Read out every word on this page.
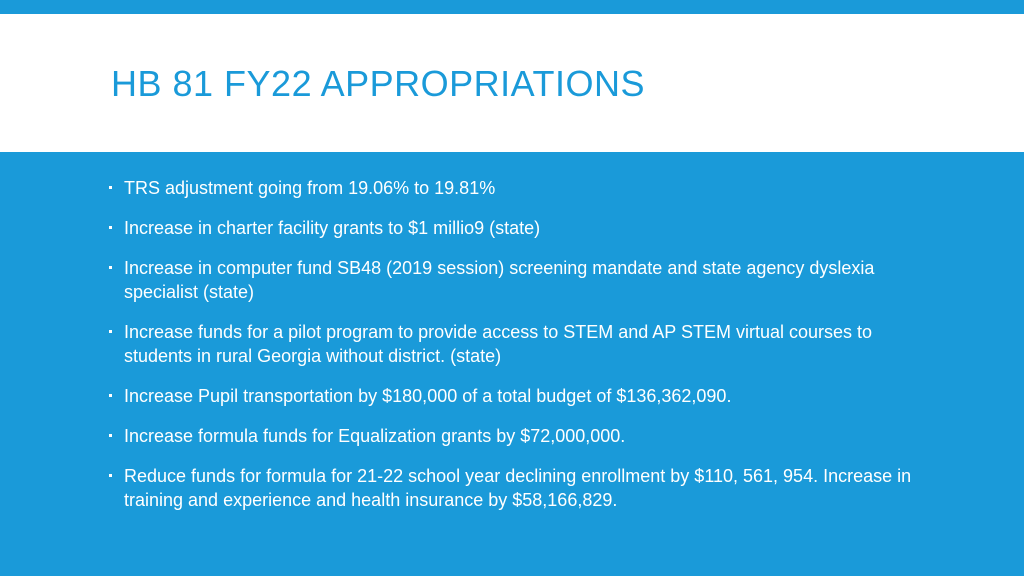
HB 81 FY22 APPROPRIATIONS
TRS adjustment going from 19.06% to 19.81%
Increase in charter facility grants to $1 millio9 (state)
Increase in computer fund SB48 (2019 session) screening mandate and state agency dyslexia specialist (state)
Increase funds for a pilot program to provide access to STEM and AP STEM virtual courses to students in rural Georgia without district. (state)
Increase Pupil transportation by $180,000 of a total budget of $136,362,090.
Increase formula funds for Equalization grants by $72,000,000.
Reduce funds for formula for 21-22 school year declining enrollment by $110, 561, 954. Increase in training and experience and health insurance by $58,166,829.
